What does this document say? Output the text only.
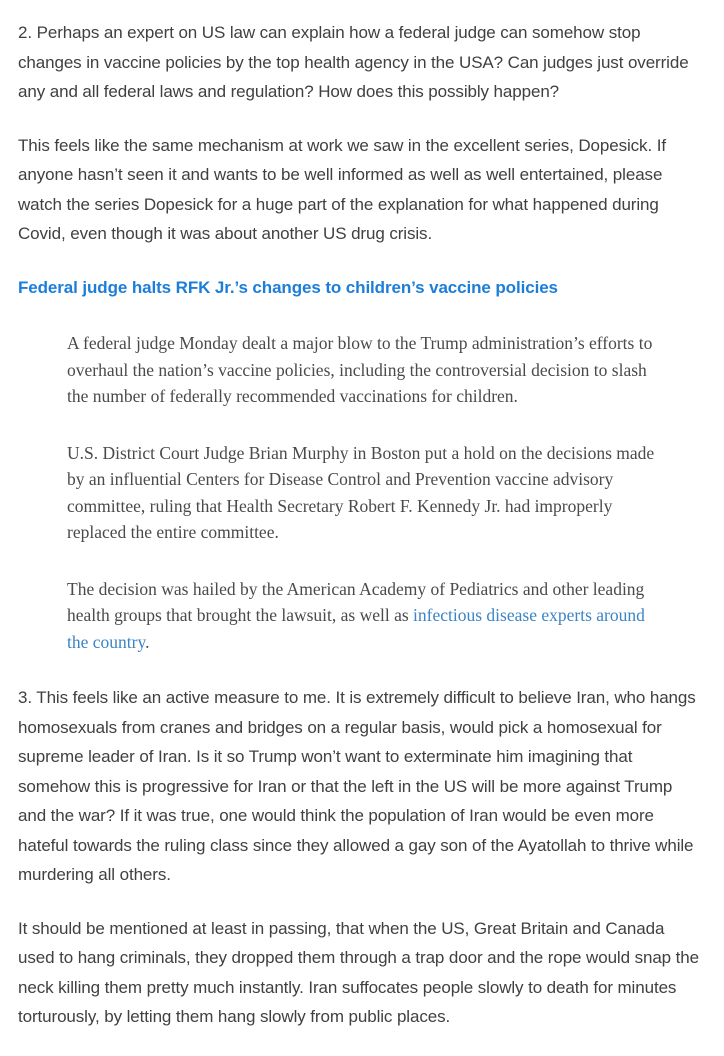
2. Perhaps an expert on US law can explain how a federal judge can somehow stop changes in vaccine policies by the top health agency in the USA? Can judges just override any and all federal laws and regulation? How does this possibly happen?

This feels like the same mechanism at work we saw in the excellent series, Dopesick. If anyone hasn’t seen it and wants to be well informed as well as well entertained, please watch the series Dopesick for a huge part of the explanation for what happened during Covid, even though it was about another US drug crisis.

Federal judge halts RFK Jr.’s changes to children’s vaccine policies

A federal judge Monday dealt a major blow to the Trump administration’s efforts to overhaul the nation’s vaccine policies, including the controversial decision to slash the number of federally recommended vaccinations for children.

U.S. District Court Judge Brian Murphy in Boston put a hold on the decisions made by an influential Centers for Disease Control and Prevention vaccine advisory committee, ruling that Health Secretary Robert F. Kennedy Jr. had improperly replaced the entire committee.

The decision was hailed by the American Academy of Pediatrics and other leading health groups that brought the lawsuit, as well as infectious disease experts around the country.

3. This feels like an active measure to me. It is extremely difficult to believe Iran, who hangs homosexuals from cranes and bridges on a regular basis, would pick a homosexual for supreme leader of Iran. Is it so Trump won’t want to exterminate him imagining that somehow this is progressive for Iran or that the left in the US will be more against Trump and the war? If it was true, one would think the population of Iran would be even more hateful towards the ruling class since they allowed a gay son of the Ayatollah to thrive while murdering all others.

It should be mentioned at least in passing, that when the US, Great Britain and Canada used to hang criminals, they dropped them through a trap door and the rope would snap the neck killing them pretty much instantly. Iran suffocates people slowly to death for minutes torturously, by letting them hang slowly from public places.
